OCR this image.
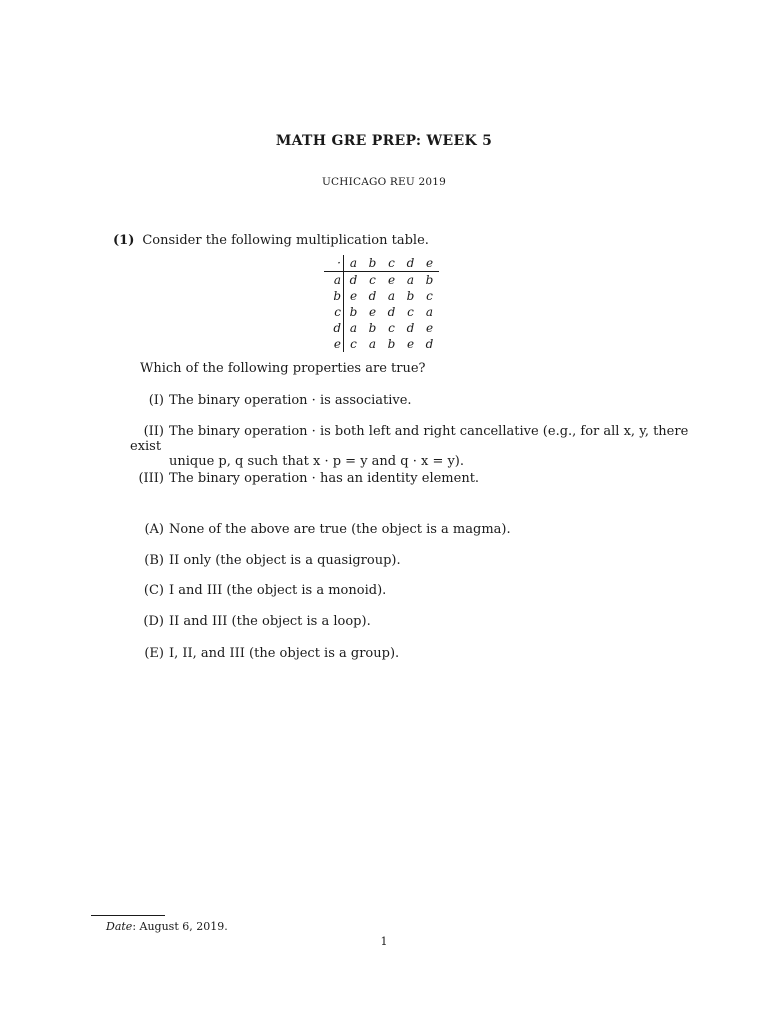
MATH GRE PREP: WEEK 5
UCHICAGO REU 2019
(1) Consider the following multiplication table.
·	a	b	c	d	e
a	d	c	e	a	b
b	e	d	a	b	c
c	b	e	d	c	a
d	a	b	c	d	e
e	c	a	b	e	d
Which of the following properties are true?
(I) The binary operation · is associative.
(II) The binary operation · is both left and right cancellative (e.g., for all x, y, there exist
unique p, q such that x · p = y and q · x = y).
(III) The binary operation · has an identity element.
(A) None of the above are true (the object is a magma).
(B) II only (the object is a quasigroup).
(C) I and III (the object is a monoid).
(D) II and III (the object is a loop).
(E) I, II, and III (the object is a group).
Date: August 6, 2019.
1
